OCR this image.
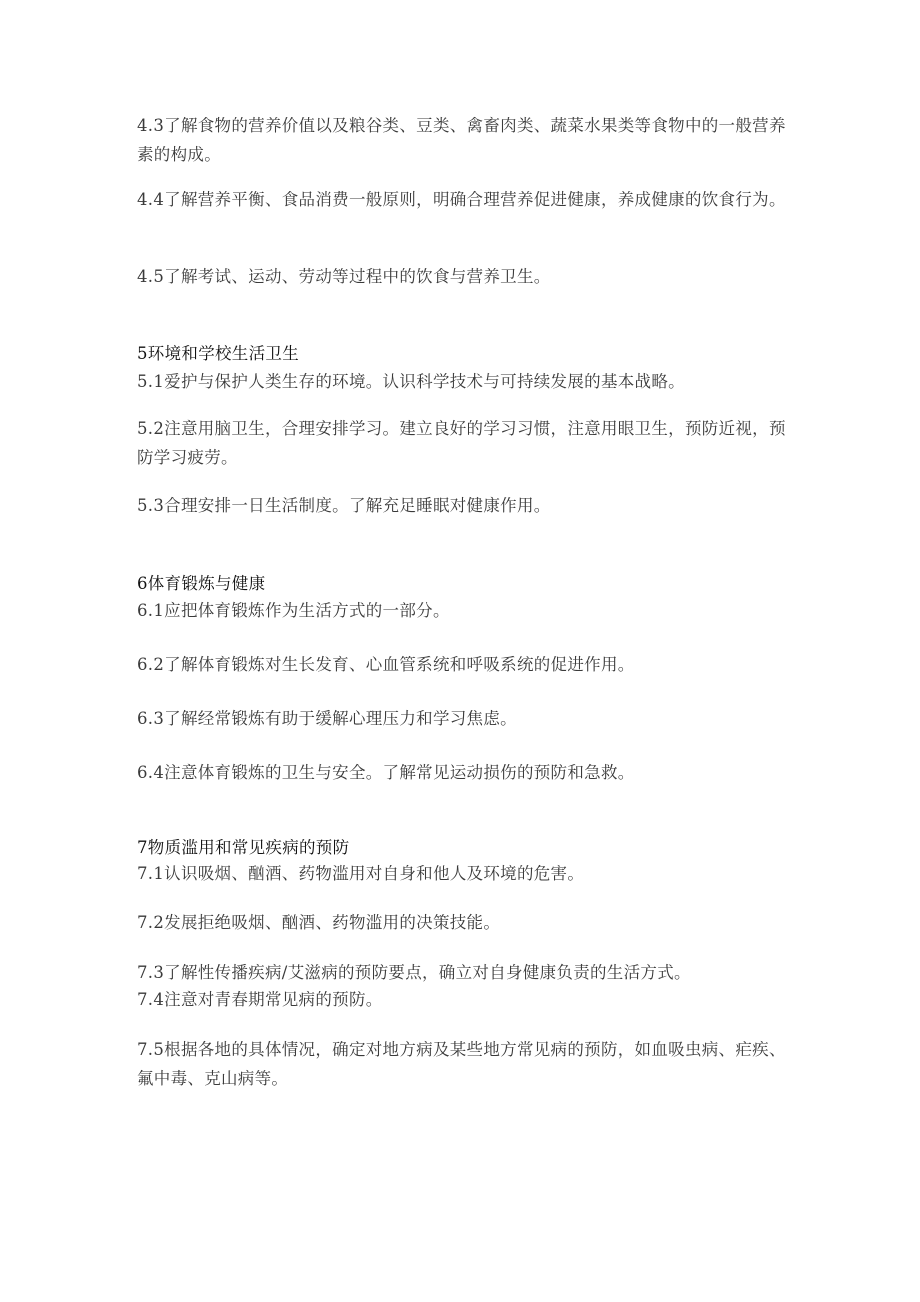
4.3了解食物的营养价值以及粮谷类、豆类、禽畜肉类、蔬菜水果类等食物中的一般营养素的构成。

4.4了解营养平衡、食品消费一般原则，明确合理营养促进健康，养成健康的饮食行为。

4.5了解考试、运动、劳动等过程中的饮食与营养卫生。

5环境和学校生活卫生

5.1爱护与保护人类生存的环境。认识科学技术与可持续发展的基本战略。

5.2注意用脑卫生，合理安排学习。建立良好的学习习惯，注意用眼卫生，预防近视，预防学习疲劳。

5.3合理安排一日生活制度。了解充足睡眠对健康作用。

6体育锻炼与健康

6.1应把体育锻炼作为生活方式的一部分。

6.2了解体育锻炼对生长发育、心血管系统和呼吸系统的促进作用。

6.3了解经常锻炼有助于缓解心理压力和学习焦虑。

6.4注意体育锻炼的卫生与安全。了解常见运动损伤的预防和急救。

7物质滥用和常见疾病的预防

7.1认识吸烟、酗酒、药物滥用对自身和他人及环境的危害。

7.2发展拒绝吸烟、酗酒、药物滥用的决策技能。

7.3了解性传播疾病/艾滋病的预防要点，确立对自身健康负责的生活方式。

7.4注意对青春期常见病的预防。

7.5根据各地的具体情况，确定对地方病及某些地方常见病的预防，如血吸虫病、疟疾、氟中毒、克山病等。
